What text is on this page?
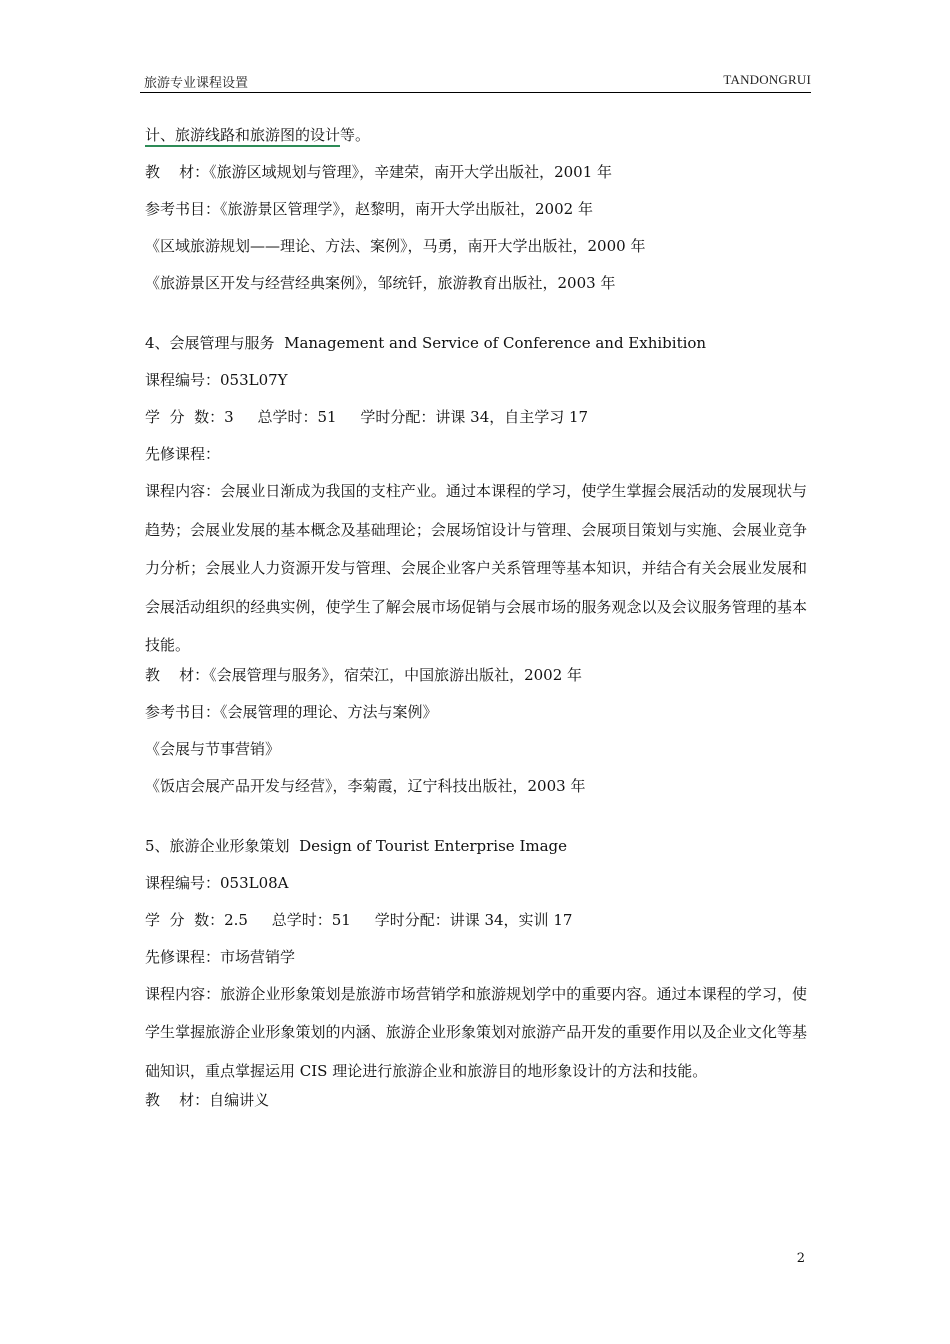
旅游专业课程设置	TANDONGRUI
计、旅游线路和旅游图的设计等。
教    材：《旅游区域规划与管理》，辛建荣，南开大学出版社，2001 年
参考书目：《旅游景区管理学》，赵黎明，南开大学出版社，2002 年
《区域旅游规划——理论、方法、案例》，马勇，南开大学出版社，2000 年
《旅游景区开发与经营经典案例》，邹统钎，旅游教育出版社，2003 年
4、会展管理与服务  Management and Service of Conference and Exhibition
课程编号：053L07Y
学  分  数：3     总学时：51     学时分配：讲课 34，自主学习 17
先修课程：
课程内容：会展业日渐成为我国的支柱产业。通过本课程的学习，使学生掌握会展活动的发展现状与趋势；会展业发展的基本概念及基础理论；会展场馆设计与管理、会展项目策划与实施、会展业竞争力分析；会展业人力资源开发与管理、会展企业客户关系管理等基本知识，并结合有关会展业发展和会展活动组织的经典实例，使学生了解会展市场促销与会展市场的服务观念以及会议服务管理的基本技能。
教    材：《会展管理与服务》，宿荣江，中国旅游出版社，2002 年
参考书目：《会展管理的理论、方法与案例》
《会展与节事营销》
《饭店会展产品开发与经营》，李菊霞，辽宁科技出版社，2003 年
5、旅游企业形象策划  Design of Tourist Enterprise Image
课程编号：053L08A
学  分  数：2.5     总学时：51     学时分配：讲课 34，实训 17
先修课程：市场营销学
课程内容：旅游企业形象策划是旅游市场营销学和旅游规划学中的重要内容。通过本课程的学习，使学生掌握旅游企业形象策划的内涵、旅游企业形象策划对旅游产品开发的重要作用以及企业文化等基础知识，重点掌握运用 CIS 理论进行旅游企业和旅游目的地形象设计的方法和技能。
教    材：自编讲义
2
